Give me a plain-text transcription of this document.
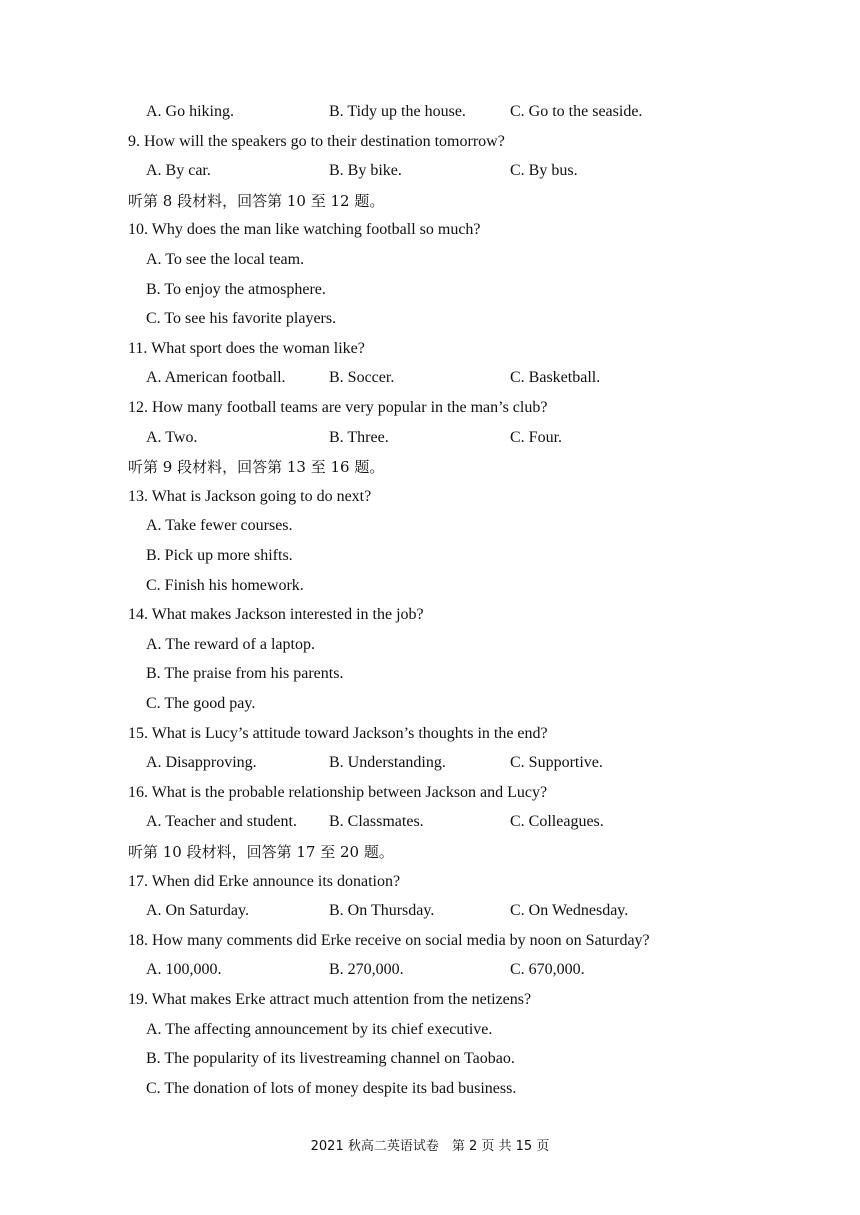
A. Go hiking.	B. Tidy up the house.	C. Go to the seaside.
9. How will the speakers go to their destination tomorrow?
A. By car.	B. By bike.	C. By bus.
听第 8 段材料，回答第 10 至 12 题。
10. Why does the man like watching football so much?
A. To see the local team.
B. To enjoy the atmosphere.
C. To see his favorite players.
11. What sport does the woman like?
A. American football.	B. Soccer.	C. Basketball.
12. How many football teams are very popular in the man’s club?
A. Two.	B. Three.	C. Four.
听第 9 段材料，回答第 13 至 16 题。
13. What is Jackson going to do next?
A. Take fewer courses.
B. Pick up more shifts.
C. Finish his homework.
14. What makes Jackson interested in the job?
A. The reward of a laptop.
B. The praise from his parents.
C. The good pay.
15. What is Lucy’s attitude toward Jackson’s thoughts in the end?
A. Disapproving.	B. Understanding.	C. Supportive.
16. What is the probable relationship between Jackson and Lucy?
A. Teacher and student. B. Classmates.	C. Colleagues.
听第 10 段材料，回答第 17 至 20 题。
17. When did Erke announce its donation?
A. On Saturday.	B. On Thursday.	C. On Wednesday.
18. How many comments did Erke receive on social media by noon on Saturday?
A. 100,000.	B. 270,000.	C. 670,000.
19. What makes Erke attract much attention from the netizens?
A. The affecting announcement by its chief executive.
B. The popularity of its livestreaming channel on Taobao.
C. The donation of lots of money despite its bad business.
2021 秋高二英语试卷　第 2 页 共 15 页
